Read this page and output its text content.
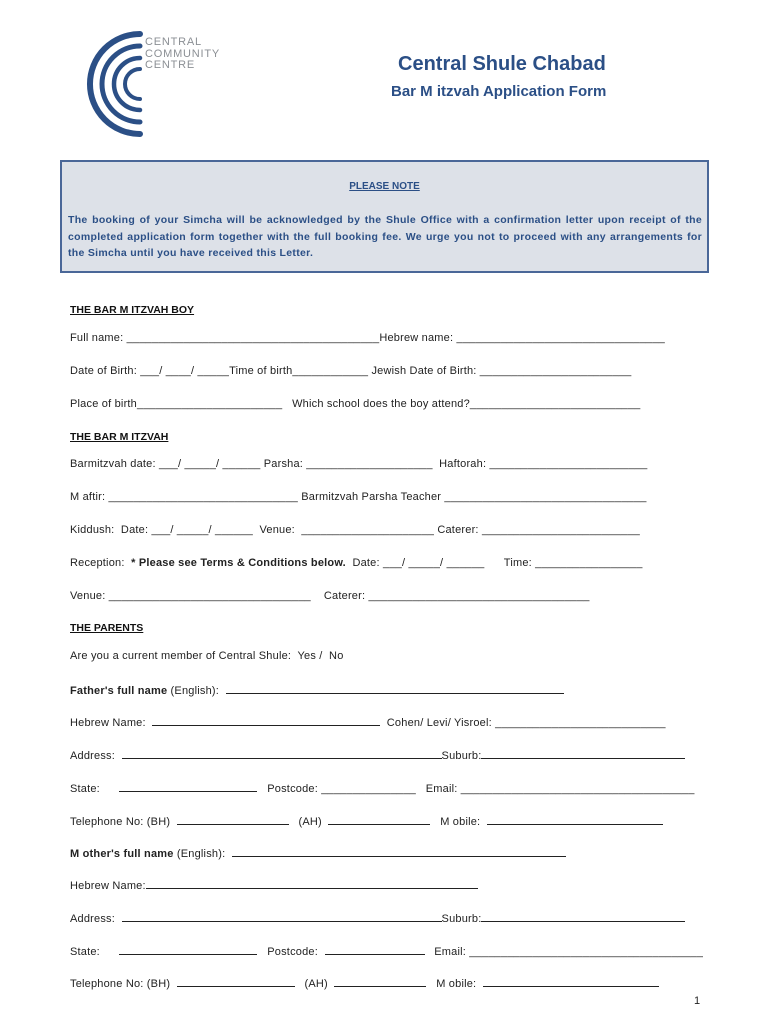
CENTRAL
COMMUNITY
CENTRE	Central Shule Chabad
Bar M itzvah Application Form
PLEASE NOTE
The booking of your Simcha will be acknowledged by the Shule Office with a confirmation letter upon receipt of the completed application form together with the full booking fee. We urge you not to proceed with any arrangements for the Simcha until you have received this Letter.
THE BAR M ITZVAH BOY
Full name: ________________________________________Hebrew name: _________________________________
Date of Birth: ___/ ____/ _____Time of birth____________ Jewish Date of Birth: ________________________
Place of birth_______________________   Which school does the boy attend?___________________________
THE BAR M ITZVAH
Barmitzvah date: ___/ _____/ ______ Parsha: ____________________  Haftorah: _________________________
M aftir: ______________________________ Barmitzvah Parsha Teacher ________________________________
Kiddush:  Date: ___/ _____/ ______  Venue:  _____________________ Caterer: _________________________
Reception:  * Please see Terms & Conditions below.  Date: ___/ _____/ ______      Time: _________________
Venue: ________________________________    Caterer: ___________________________________
THE PARENTS
Are you a current member of Central Shule:  Yes /  No
Father's full name (English):
Hebrew Name:	Cohen/ Levi/ Yisroel: ___________________________
Address:	Suburb:
State:	Postcode: _______________   Email: _____________________________________
Telephone No: (BH)	(AH)	M obile:
M other's full name (English):
Hebrew Name:
Address:	Suburb:
State:	Postcode:	Email: _____________________________________
Telephone No: (BH)	(AH)	M obile:
1
